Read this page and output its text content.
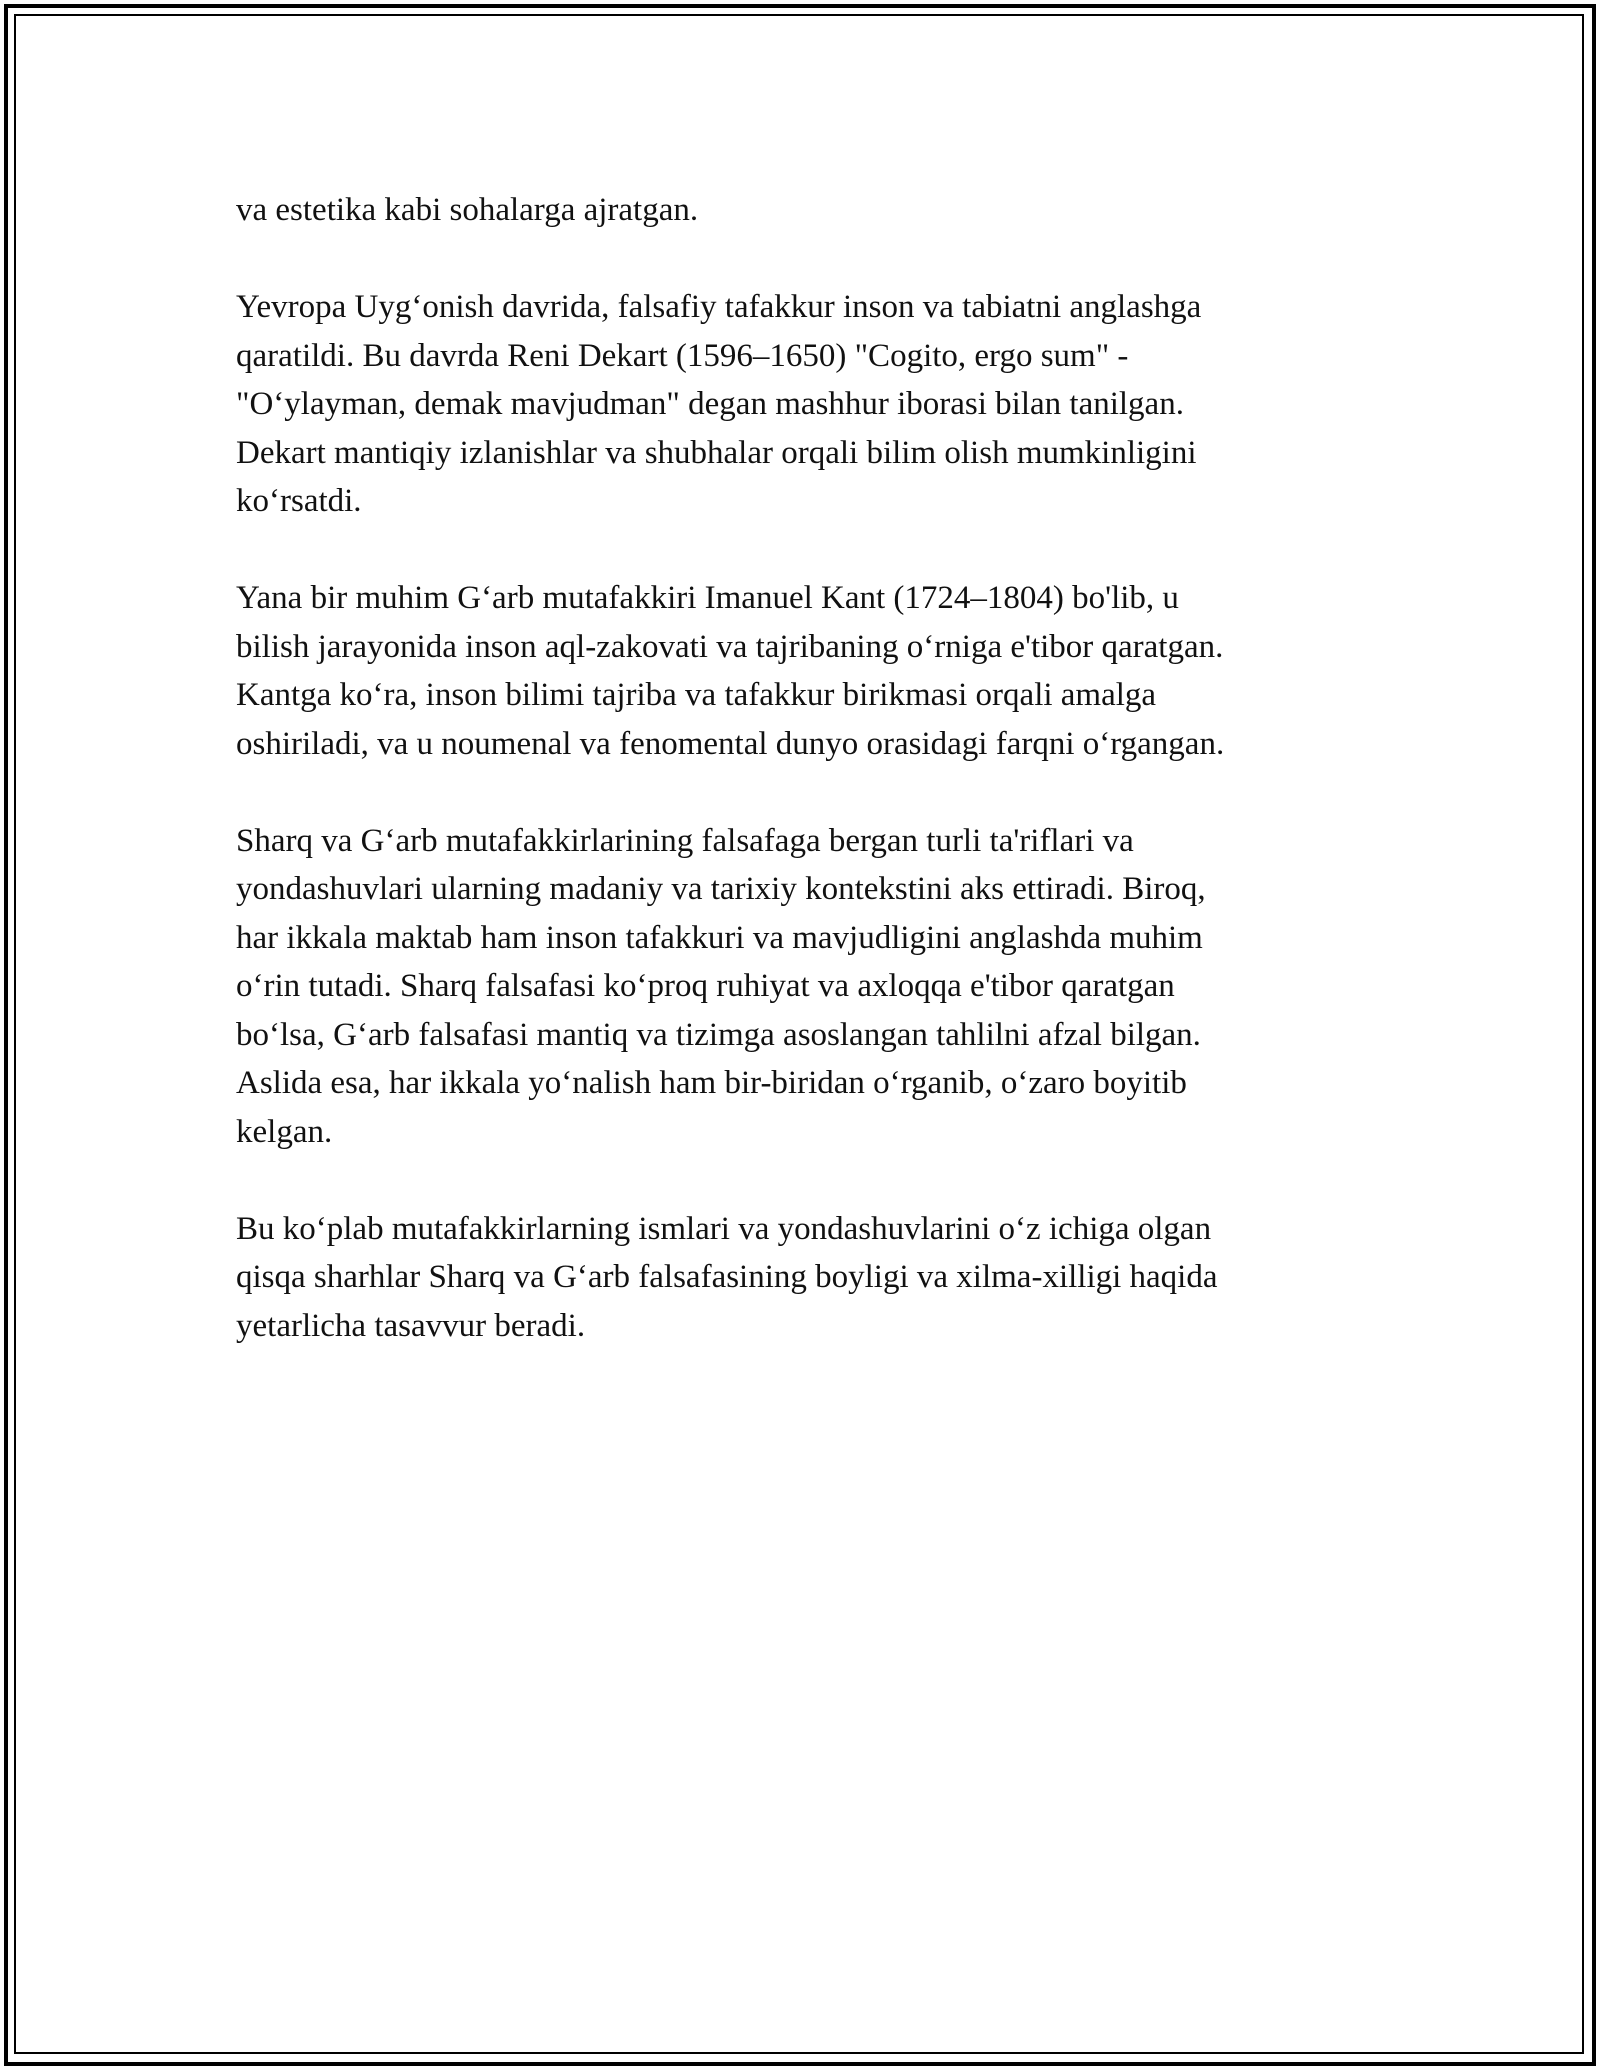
va estetika kabi sohalarga ajratgan.

Yevropa Uyg‘onish davrida, falsafiy tafakkur inson va tabiatni anglashga
qaratildi. Bu davrda Reni Dekart (1596–1650) "Cogito, ergo sum" -
"O‘ylayman, demak mavjudman" degan mashhur iborasi bilan tanilgan.
Dekart mantiqiy izlanishlar va shubhalar orqali bilim olish mumkinligini
ko‘rsatdi.

Yana bir muhim G‘arb mutafakkiri Imanuel Kant (1724–1804) bo'lib, u
bilish jarayonida inson aql-zakovati va tajribaning o‘rniga e'tibor qaratgan.
Kantga ko‘ra, inson bilimi tajriba va tafakkur birikmasi orqali amalga
oshiriladi, va u noumenal va fenomental dunyo orasidagi farqni o‘rgangan.

Sharq va G‘arb mutafakkirlarining falsafaga bergan turli ta'riflari va
yondashuvlari ularning madaniy va tarixiy kontekstini aks ettiradi. Biroq,
har ikkala maktab ham inson tafakkuri va mavjudligini anglashda muhim
o‘rin tutadi. Sharq falsafasi ko‘proq ruhiyat va axloqqa e'tibor qaratgan
bo‘lsa, G‘arb falsafasi mantiq va tizimga asoslangan tahlilni afzal bilgan.
Aslida esa, har ikkala yo‘nalish ham bir-biridan o‘rganib, o‘zaro boyitib
kelgan.

Bu ko‘plab mutafakkirlarning ismlari va yondashuvlarini o‘z ichiga olgan
qisqa sharhlar Sharq va G‘arb falsafasining boyligi va xilma-xilligi haqida
yetarlicha tasavvur beradi.
